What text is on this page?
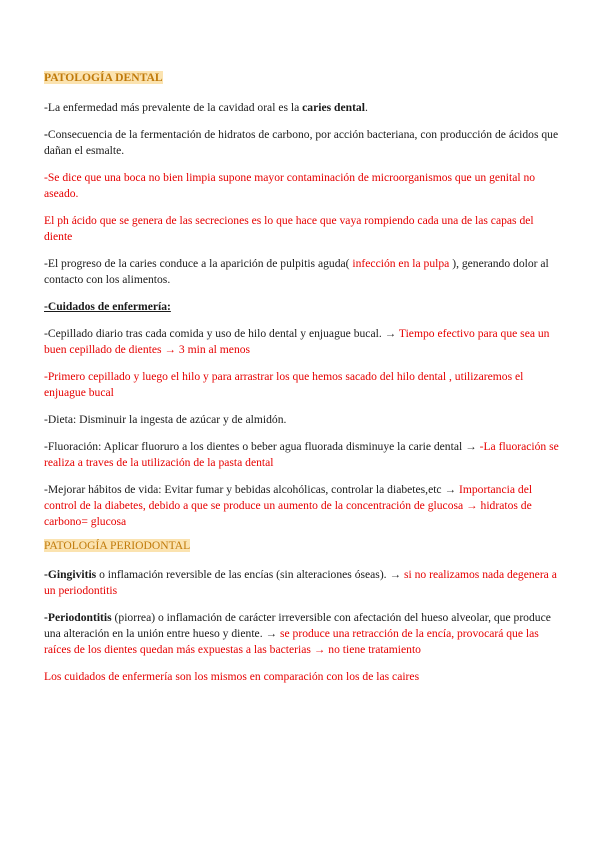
PATOLOGÍA DENTAL

-La enfermedad más prevalente de la cavidad oral es la caries dental.

-Consecuencia de la fermentación de hidratos de carbono, por acción bacteriana, con producción de ácidos que dañan el esmalte.

-Se dice que una boca no bien limpia supone mayor contaminación de microorganismos que un genital no aseado.

El ph ácido que se genera de las secreciones es lo que hace que vaya rompiendo cada una de las capas del diente

-El progreso de la caries conduce a la aparición de pulpitis aguda( infección en la pulpa ), generando dolor al contacto con los alimentos.

-Cuidados de enfermería:

-Cepillado diario tras cada comida y uso de hilo dental y enjuague bucal. → Tiempo efectivo para que sea un buen cepillado de dientes → 3 min al menos

-Primero cepillado y luego el hilo y para arrastrar los que hemos sacado del hilo dental , utilizaremos el enjuague bucal

-Dieta: Disminuir la ingesta de azúcar y de almidón.

-Fluoración: Aplicar fluoruro a los dientes o beber agua fluorada disminuye la carie dental → -La fluoración se realiza a traves de la utilización de la pasta dental

-Mejorar hábitos de vida: Evitar fumar y bebidas alcohólicas, controlar la diabetes,etc → Importancia del control de la diabetes, debido a que se produce un aumento de la concentración de glucosa → hidratos de carbono= glucosa

PATOLOGÍA PERIODONTAL

-Gingivitis o inflamación reversible de las encías (sin alteraciones óseas). → si no realizamos nada degenera a un periodontitis

-Periodontitis (piorrea) o inflamación de carácter irreversible con afectación del hueso alveolar, que produce una alteración en la unión entre hueso y diente. → se produce una retracción de la encía, provocará que las raíces de los dientes quedan más expuestas a las bacterias → no tiene tratamiento

Los cuidados de enfermería son los mismos en comparación con los de las caires
